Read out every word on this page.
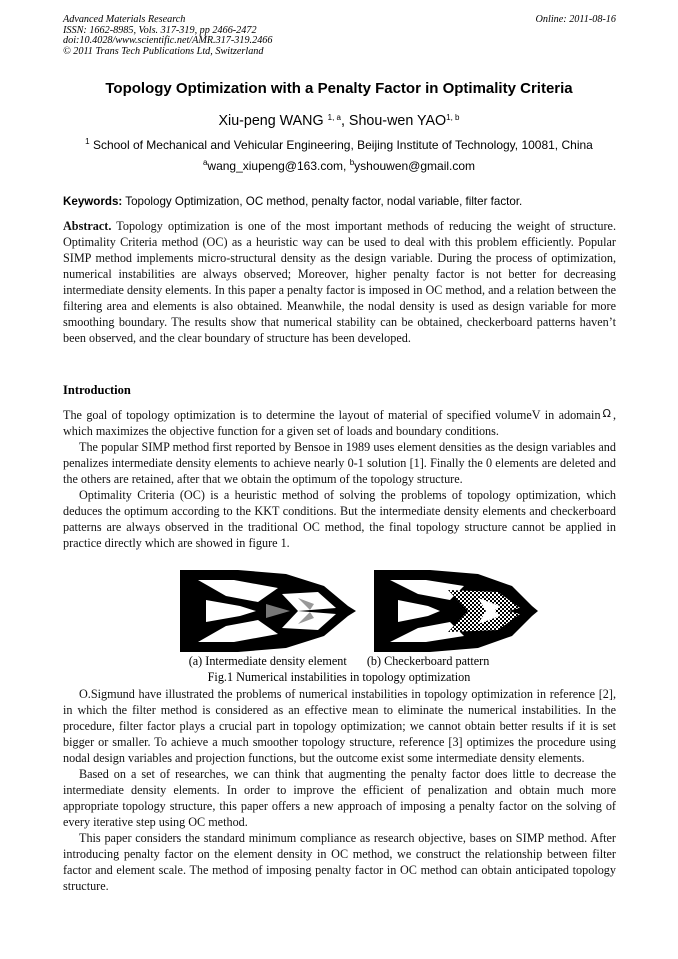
Advanced Materials Research
ISSN: 1662-8985, Vols. 317-319, pp 2466-2472
doi:10.4028/www.scientific.net/AMR.317-319.2466
© 2011 Trans Tech Publications Ltd, Switzerland
Online: 2011-08-16
Topology Optimization with a Penalty Factor in Optimality Criteria
Xiu-peng WANG $^{1, a}$, Shou-wen YAO$^{1, b}$
$^1$ School of Mechanical and Vehicular Engineering, Beijing Institute of Technology, 10081, China
$^a$wang_xiupeng@163.com, $^b$yshouwen@gmail.com
Keywords: Topology Optimization, OC method, penalty factor, nodal variable, filter factor.
Abstract. Topology optimization is one of the most important methods of reducing the weight of structure. Optimality Criteria method (OC) as a heuristic way can be used to deal with this problem efficiently. Popular SIMP method implements micro-structural density as the design variable. During the process of optimization, numerical instabilities are always observed; Moreover, higher penalty factor is not better for decreasing intermediate density elements. In this paper a penalty factor is imposed in OC method, and a relation between the filtering area and elements is also obtained. Meanwhile, the nodal density is used as design variable for more smoothing boundary. The results show that numerical stability can be obtained, checkerboard patterns haven’t been observed, and the clear boundary of structure has been developed.
Introduction

The goal of topology optimization is to determine the layout of material of specified volumeV in adomain Ω , which maximizes the objective function for a given set of loads and boundary conditions.

The popular SIMP method first reported by Bensoe in 1989 uses element densities as the design variables and penalizes intermediate density elements to achieve nearly 0-1 solution [1]. Finally the 0 elements are deleted and the others are retained, after that we obtain the optimum of the topology structure.

Optimality Criteria (OC) is a heuristic method of solving the problems of topology optimization, which deduces the optimum according to the KKT conditions. But the intermediate density elements and checkerboard patterns are always observed in the traditional OC method, the final topology structure cannot be applied in practice directly which are showed in figure 1.

(a) Intermediate density element (b) Checkerboard pattern
Fig.1 Numerical instabilities in topology optimization

O.Sigmund have illustrated the problems of numerical instabilities in topology optimization in reference [2], in which the filter method is considered as an effective mean to eliminate the numerical instabilities. In the procedure, filter factor plays a crucial part in topology optimization; we cannot obtain better results if it is set bigger or smaller. To achieve a much smoother topology structure, reference [3] optimizes the procedure using nodal design variables and projection functions, but the outcome exist some intermediate density elements.

Based on a set of researches, we can think that augmenting the penalty factor does little to decrease the intermediate density elements. In order to improve the efficient of penalization and obtain much more appropriate topology structure, this paper offers a new approach of imposing a penalty factor on the solving of every iterative step using OC method.

This paper considers the standard minimum compliance as research objective, bases on SIMP method. After introducing penalty factor on the element density in OC method, we construct the relationship between filter factor and element scale. The method of imposing penalty factor in OC method can obtain anticipated topology structure.
